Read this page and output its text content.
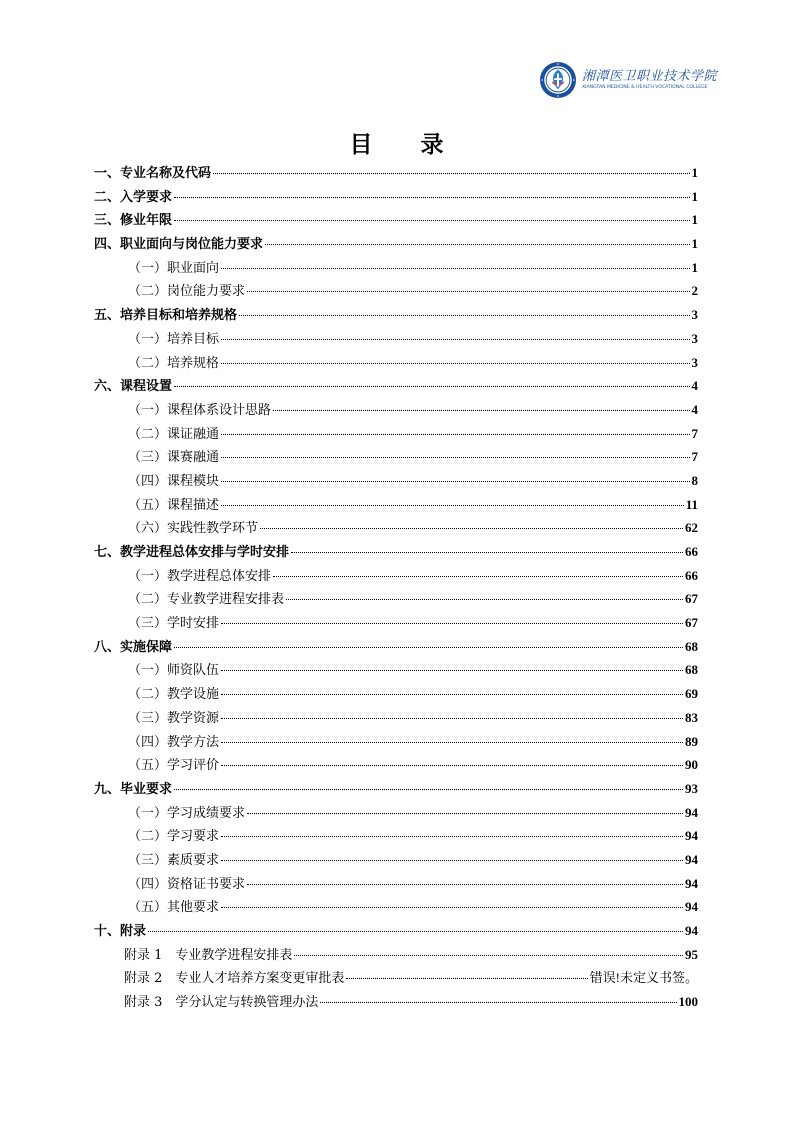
湘潭医卫职业技术学院
XIANGTAN MEDICINE & HEALTH VOCATIONAL COLLEGE
目 录
一、专业名称及代码	1
二、入学要求	1
三、修业年限	1
四、职业面向与岗位能力要求	1
（一）职业面向	1
（二）岗位能力要求	2
五、培养目标和培养规格	3
（一）培养目标	3
（二）培养规格	3
六、课程设置	4
（一）课程体系设计思路	4
（二）课证融通	7
（三）课赛融通	7
（四）课程模块	8
（五）课程描述	11
（六）实践性教学环节	62
七、教学进程总体安排与学时安排	66
（一）教学进程总体安排	66
（二）专业教学进程安排表	67
（三）学时安排	67
八、实施保障	68
（一）师资队伍	68
（二）教学设施	69
（三）教学资源	83
（四）教学方法	89
（五）学习评价	90
九、毕业要求	93
（一）学习成绩要求	94
（二）学习要求	94
（三）素质要求	94
（四）资格证书要求	94
（五）其他要求	94
十、附录	94
附录 1　专业教学进程安排表	95
附录 2　专业人才培养方案变更审批表	错误!未定义书签。
附录 3　学分认定与转换管理办法	100
